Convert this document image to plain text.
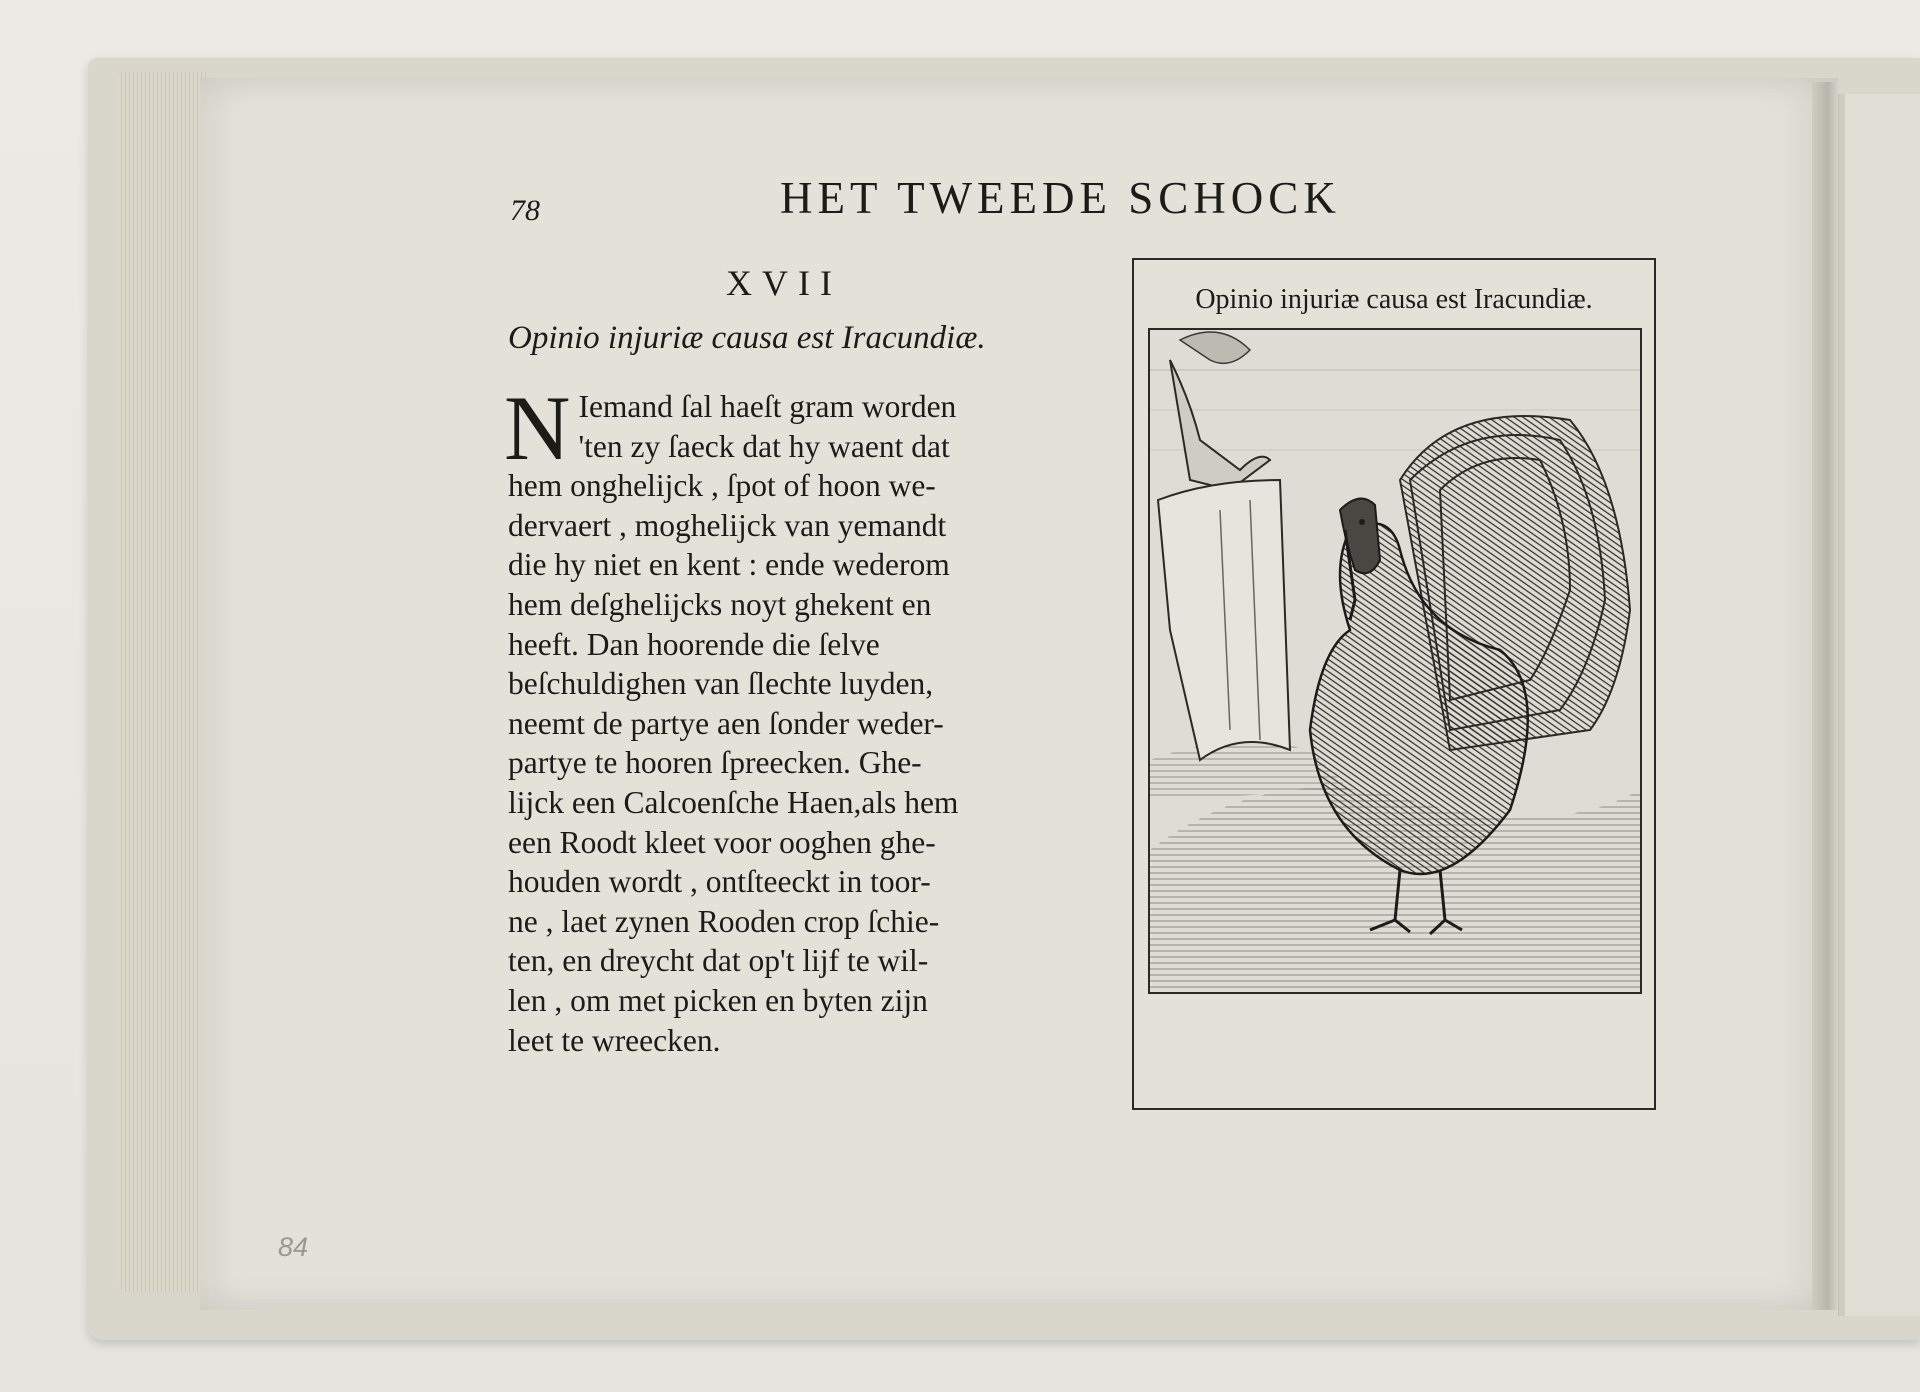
78	HET TWEEDE SCHOCK
XVII
Opinio injuriæ causa est Iracundiæ.
N Iemand ſal haeſt gram worden
'ten zy ſaeck dat hy waent dat
hem onghelijck , ſpot of hoon we-
dervaert , moghelijck van yemandt
die hy niet en kent : ende wederom
hem deſghelijcks noyt ghekent en
heeft. Dan hoorende die ſelve
beſchuldighen van ſlechte luyden,
neemt de partye aen ſonder weder-
partye te hooren ſpreecken. Ghe-
lijck een Calcoenſche Haen,als hem
een Roodt kleet voor ooghen ghe-
houden wordt , ontſteeckt in toor-
ne , laet zynen Rooden crop ſchie-
ten, en dreycht dat op't lijf te wil-
len , om met picken en byten zijn
leet te wreecken.
Opinio injuriæ causa est Iracundiæ.
84
